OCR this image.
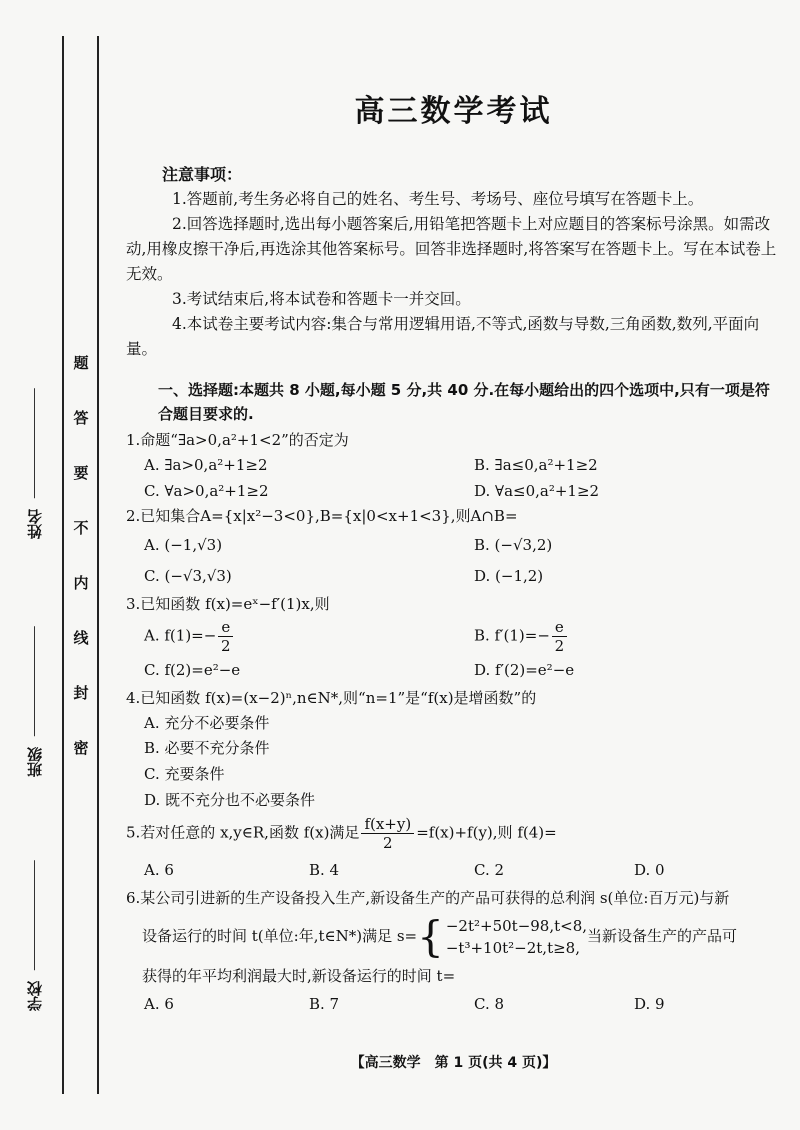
题
答
要
不
内
线
封
密
姓名
班级
学校
高三数学考试
注意事项：

1.答题前,考生务必将自己的姓名、考生号、考场号、座位号填写在答题卡上。

2.回答选择题时,选出每小题答案后,用铅笔把答题卡上对应题目的答案标号涂黑。如需改动,用橡皮擦干净后,再选涂其他答案标号。回答非选择题时,将答案写在答题卡上。写在本试卷上无效。

3.考试结束后,将本试卷和答题卡一并交回。

4.本试卷主要考试内容:集合与常用逻辑用语,不等式,函数与导数,三角函数,数列,平面向量。

一、选择题:本题共 8 小题,每小题 5 分,共 40 分.在每小题给出的四个选项中,只有一项是符合题目要求的.
1.命题“∃a>0,a²+1<2”的否定为
A. ∃a>0,a²+1≥2	B. ∃a≤0,a²+1≥2
C. ∀a>0,a²+1≥2	D. ∀a≤0,a²+1≥2
2.已知集合A={x|x²−3<0},B={x|0<x+1<3},则A∩B=
A. (−1,√3)	B. (−√3,2)
C. (−√3,√3)	D. (−1,2)
3.已知函数 f(x)=eˣ−f′(1)x,则
A. $f(1)=- \frac{e}{2}$	B. $f'(1)=- \frac{e}{2}$
C. f(2)=e²−e	D. f′(2)=e²−e
4.已知函数 f(x)=(x−2)ⁿ,n∈N*,则“n=1”是“f(x)是增函数”的
A. 充分不必要条件
B. 必要不充分条件
C. 充要条件
D. 既不充分也不必要条件
5.若对任意的 x,y∈R,函数 f(x)满足 $\frac{f(x+y)}{2} =f(x)+f(y)$,则 f(4)=
A. 6	B. 4	C. 2	D. 0
6.某公司引进新的生产设备投入生产,新设备生产的产品可获得的总利润 s(单位:百万元)与新
设备运行的时间 t(单位:年,t∈N*)满足 s={ −2t²+50t−98,t<8,
−t³+10t²−2t,t≥8,
当新设备生产的产品可
获得的年平均利润最大时,新设备运行的时间 t=
A. 6	B. 7	C. 8	D. 9
【高三数学　第 1 页(共 4 页)】
